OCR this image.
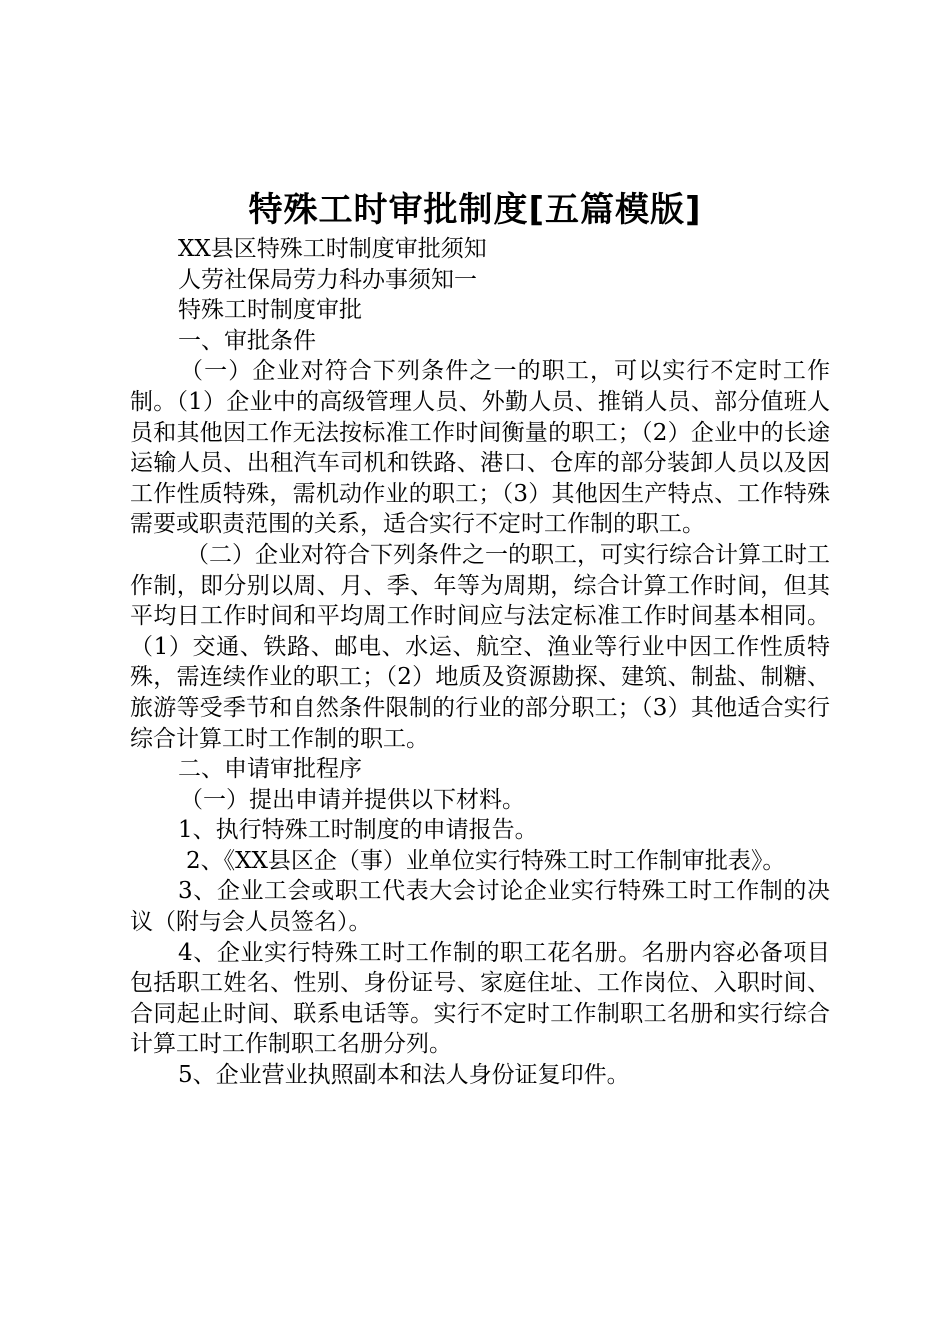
特殊工时审批制度[五篇模版]

XX县区特殊工时制度审批须知

人劳社保局劳力科办事须知一

特殊工时制度审批

一、审批条件

（一）企业对符合下列条件之一的职工，可以实行不定时工作制。（1）企业中的高级管理人员、外勤人员、推销人员、部分值班人员和其他因工作无法按标准工作时间衡量的职工；（2）企业中的长途运输人员、出租汽车司机和铁路、港口、仓库的部分装卸人员以及因工作性质特殊，需机动作业的职工；（3）其他因生产特点、工作特殊需要或职责范围的关系，适合实行不定时工作制的职工。

（二）企业对符合下列条件之一的职工，可实行综合计算工时工作制，即分别以周、月、季、年等为周期，综合计算工作时间，但其平均日工作时间和平均周工作时间应与法定标准工作时间基本相同。（1）交通、铁路、邮电、水运、航空、渔业等行业中因工作性质特殊，需连续作业的职工；（2）地质及资源勘探、建筑、制盐、制糖、旅游等受季节和自然条件限制的行业的部分职工；（3）其他适合实行综合计算工时工作制的职工。

二、申请审批程序

（一）提出申请并提供以下材料。

1、执行特殊工时制度的申请报告。

2、《XX县区企（事）业单位实行特殊工时工作制审批表》。

3、企业工会或职工代表大会讨论企业实行特殊工时工作制的决议（附与会人员签名）。

4、企业实行特殊工时工作制的职工花名册。名册内容必备项目包括职工姓名、性别、身份证号、家庭住址、工作岗位、入职时间、合同起止时间、联系电话等。实行不定时工作制职工名册和实行综合计算工时工作制职工名册分列。

5、企业营业执照副本和法人身份证复印件。
